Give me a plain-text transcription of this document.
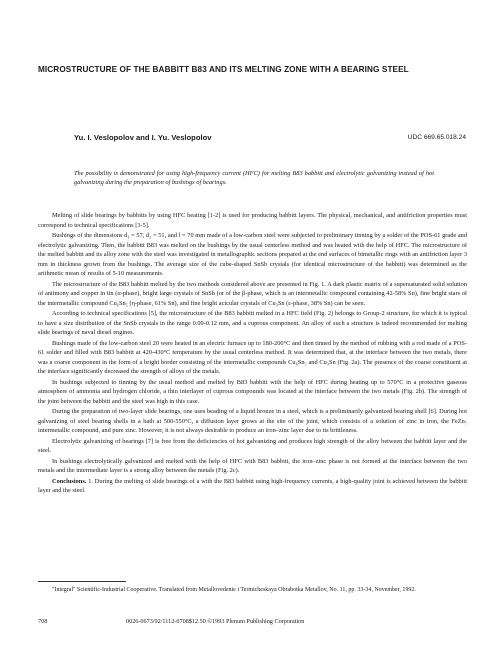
MICROSTRUCTURE OF THE BABBITT B83 AND ITS MELTING ZONE WITH A BEARING STEEL
Yu. I. Veslopolov and I. Yu. Veslopolov	UDC 669.65.018.24
The possibility is demonstrated for using high-frequency current (HFC) for melting B83 babbitt and electrolytic galvanizing instead of hot galvanizing during the preparation of bushings of bearings.

Melting of slide bearings by babbitts by using HFC heating [1-2] is used for producing babbitt layers. The physical, mechanical, and antifriction properties must correspond to technical specifications [3-5].

Bushings of the dimensions d₁ = 57, d₂ = 51, and l = 70 mm made of a low-carbon steel were subjected to preliminary tinning by a solder of the POS-61 grade and electrolytic galvanizing. Then, the babbitt B83 was melted on the bushings by the usual centerless method and was heated with the help of HFC. The microstructure of the melted babbitt and its alloy zone with the steel was investigated in metallographic sections prepared at the end surfaces of bimetallic rings with an antifriction layer 3 mm in thickness grown from the bushings. The average size of the cube-shaped SnSb crystals (for identical microstructure of the babbitt) was determined as the arithmetic mean of results of 5-10 measurements.

The microstructure of the B83 babbitt melted by the two methods considered above are presented in Fig. 1. A dark plastic matrix of a supersaturated solid solution of antimony and copper in tin (α-phase), bright large crystals of SnSb (or of the β-phase, which is an intermetallic compound containing 42-58% Sn), fine bright stars of the intermetallic compound Cu₆Sn₅ (η-phase, 61% Sn), and fine bright acicular crystals of Cu₃Sn (ε-phase, 38% Sn) can be seen.

According to technical specifications [5], the microstructure of the B83 babbitt melted in a HFC field (Fig. 2) belongs to Group-2 structure, for which it is typical to have a size distribution of the SnSb crystals in the range 0.09-0.12 mm, and a cuprous component. An alloy of such a structure is indeed recommended for melting slide bearings of naval diesel engines.

Bushings made of the low-carbon steel 20 were heated in an electric furnace up to 180-200°C and then tinned by the method of rubbing with a rod made of a POS-61 solder and filled with B83 babbitt at 420-430°C temperature by the usual centerless method. It was determined that, at the interface between the two metals, there was a coarse component in the form of a bright border consisting of the intermetallic compounds Cu₆Sn₅ and Cu₃Sn (Fig. 2a). The presence of the coarse constituent at the interface significantly decreased the strength of alloys of the metals.

In bushings subjected to tinning by the usual method and melted by B83 babbitt with the help of HFC during heating up to 570°C in a protective gaseous atmosphere of ammonia and hydrogen chloride, a thin interlayer of cuprous compounds was located at the interface between the two metals (Fig. 2b). The strength of the joint between the babbitt and the steel was high in this case.

During the preparation of two-layer slide bearings, one uses beading of a liquid bronze in a steel, which is a preliminarily galvanized bearing shell [6]. During hot galvanizing of steel bearing shells in a bath at 500-550°C, a diffusion layer grows at the site of the joint, which consists of a solution of zinc in iron, the FeZn₇ intermetallic compound, and pure zinc. However, it is not always desirable to produce an iron–zinc layer due to its brittleness.

Electrolytic galvanizing of bearings [7] is free from the deficiencies of hot galvanizing and produces high strength of the alloy between the babbitt layer and the steel.

In bushings electrolytically galvanized and melted with the help of HFC with B83 babbitt, the iron–zinc phase is not formed at the interface between the two metals and the intermediate layer is a strong alloy between the metals (Fig. 2c).

Conclusions. 1. During the melting of slide bearings of a with the B83 babbitt using high-frequency currents, a high-quality joint is achieved between the babbitt layer and the steel.

"Integral" Scientific-Industrial Cooperative. Translated from Metallovedenie i Termicheskaya Obrabotka Metallov, No. 11, pp. 33-34, November, 1992.
708	0026-0673/92/1112-0708$12.50 ©1993 Plenum Publishing Corporation
